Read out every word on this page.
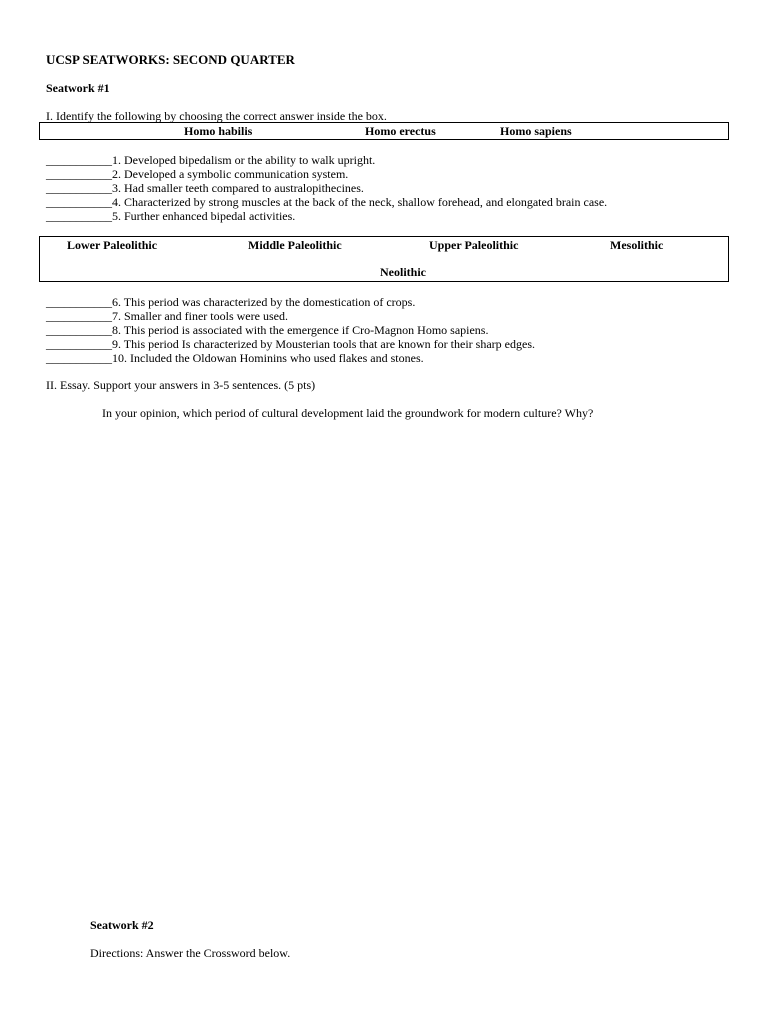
UCSP SEATWORKS: SECOND QUARTER
Seatwork #1
I. Identify the following by choosing the correct answer inside the box.
Homo habilis	Homo erectus	Homo sapiens
___________1. Developed bipedalism or the ability to walk upright.
___________2. Developed a symbolic communication system.
___________3. Had smaller teeth compared to australopithecines.
___________4. Characterized by strong muscles at the back of the neck, shallow forehead, and elongated brain case.
___________5. Further enhanced bipedal activities.
Lower Paleolithic	Middle Paleolithic	Upper Paleolithic	Mesolithic
Neolithic
___________6. This period was characterized by the domestication of crops.
___________7. Smaller and finer tools were used.
___________8. This period is associated with the emergence if Cro-Magnon Homo sapiens.
___________9. This period Is characterized by Mousterian tools that are known for their sharp edges.
___________10. Included the Oldowan Hominins who used flakes and stones.
II. Essay. Support your answers in 3-5 sentences. (5 pts)
In your opinion, which period of cultural development laid the groundwork for modern culture? Why?
Seatwork #2
Directions: Answer the Crossword below.
